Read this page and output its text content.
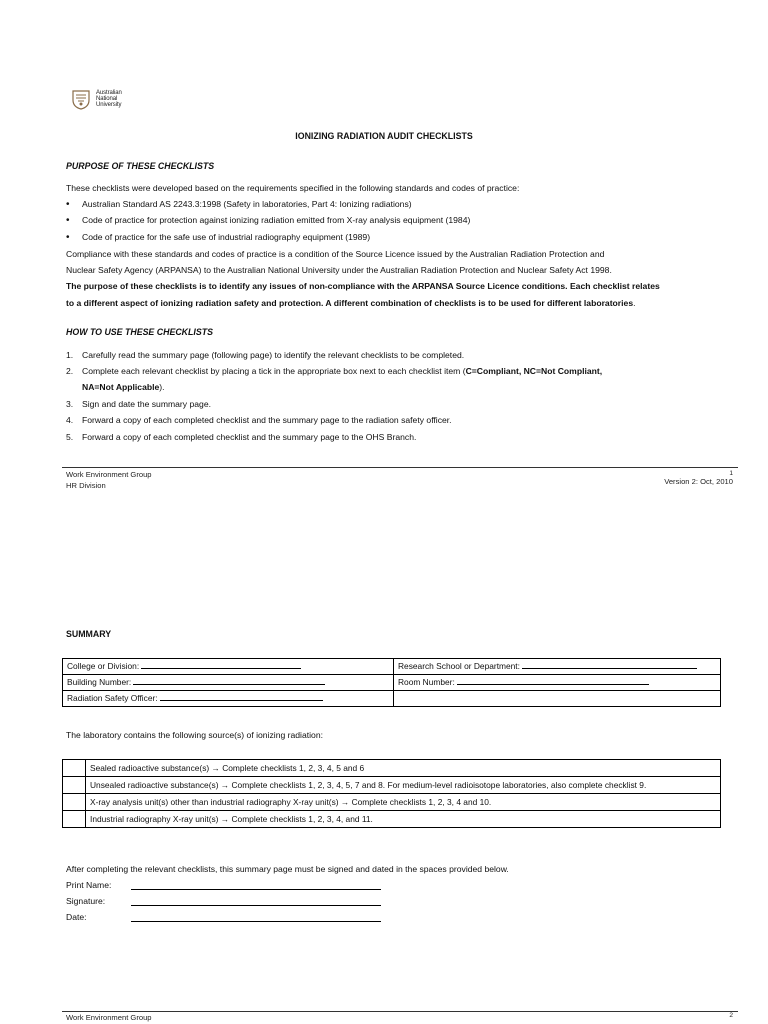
Australian
National
University
IONIZING RADIATION AUDIT CHECKLISTS
PURPOSE OF THESE CHECKLISTS
These checklists were developed based on the requirements specified in the following standards and codes of practice:
• Australian Standard AS 2243.3:1998 (Safety in laboratories, Part 4: Ionizing radiations)
• Code of practice for protection against ionizing radiation emitted from X-ray analysis equipment (1984)
• Code of practice for the safe use of industrial radiography equipment (1989)
Compliance with these standards and codes of practice is a condition of the Source Licence issued by the Australian Radiation Protection and
Nuclear Safety Agency (ARPANSA) to the Australian National University under the Australian Radiation Protection and Nuclear Safety Act 1998.
The purpose of these checklists is to identify any issues of non-compliance with the ARPANSA Source Licence conditions. Each checklist relates
to a different aspect of ionizing radiation safety and protection. A different combination of checklists is to be used for different laboratories.
HOW TO USE THESE CHECKLISTS
1. Carefully read the summary page (following page) to identify the relevant checklists to be completed.
2. Complete each relevant checklist by placing a tick in the appropriate box next to each checklist item (C=Compliant, NC=Not Compliant,
NA=Not Applicable).
3. Sign and date the summary page.
4. Forward a copy of each completed checklist and the summary page to the radiation safety officer.
5. Forward a copy of each completed checklist and the summary page to the OHS Branch.
Work Environment Group
HR Division
1
Version 2: Oct, 2010
SUMMARY
College or Division:	Research School or Department:
Building Number:	Room Number:
Radiation Safety Officer:	
The laboratory contains the following source(s) of ionizing radiation:
	Sealed radioactive substance(s) → Complete checklists 1, 2, 3, 4, 5 and 6
	Unsealed radioactive substance(s) → Complete checklists 1, 2, 3, 4, 5, 7 and 8. For medium-level radioisotope laboratories, also complete checklist 9.
	X-ray analysis unit(s) other than industrial radiography X-ray unit(s) → Complete checklists 1, 2, 3, 4 and 10.
	Industrial radiography X-ray unit(s) → Complete checklists 1, 2, 3, 4, and 11.
After completing the relevant checklists, this summary page must be signed and dated in the spaces provided below.
Print Name:
Signature:
Date:
Work Environment Group	2
